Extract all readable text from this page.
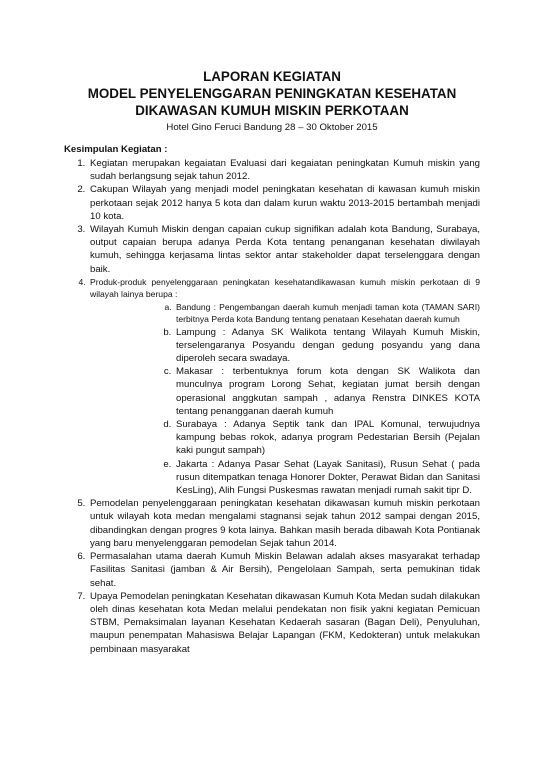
LAPORAN KEGIATAN

MODEL PENYELENGGARAN PENINGKATAN KESEHATAN

DIKAWASAN KUMUH MISKIN PERKOTAAN

Hotel Gino Feruci Bandung 28 – 30 Oktober 2015

Kesimpulan Kegiatan :

1. Kegiatan merupakan kegaiatan Evaluasi dari kegaiatan peningkatan Kumuh miskin yang sudah berlangsung sejak tahun 2012.
2. Cakupan Wilayah yang menjadi model peningkatan kesehatan di kawasan kumuh miskin perkotaan sejak 2012 hanya 5 kota dan dalam kurun waktu 2013-2015 bertambah menjadi 10 kota.
3. Wilayah Kumuh Miskin dengan capaian cukup signifikan adalah kota Bandung, Surabaya, output capaian berupa adanya Perda Kota tentang penanganan kesehatan diwilayah kumuh, sehingga kerjasama lintas sektor antar stakeholder dapat terselenggara dengan baik.
4. Produk-produk penyelenggaraan peningkatan kesehatandikawasan kumuh miskin perkotaan di 9 wilayah lainya berupa :
a. Bandung : Pengembangan daerah kumuh menjadi taman kota (TAMAN SARI) terbitnya Perda kota Bandung tentang penataan Kesehatan daerah kumuh
b. Lampung : Adanya SK Walikota tentang Wilayah Kumuh Miskin, terselengaranya Posyandu dengan gedung posyandu yang dana diperoleh secara swadaya.
c. Makasar : terbentuknya forum kota dengan SK Walikota dan munculnya program Lorong Sehat, kegiatan jumat bersih dengan operasional anggkutan sampah , adanya Renstra DINKES KOTA tentang penangganan daerah kumuh
d. Surabaya : Adanya Septik tank dan IPAL Komunal, terwujudnya kampung bebas rokok, adanya program Pedestarian Bersih (Pejalan kaki pungut sampah)
e. Jakarta : Adanya Pasar Sehat (Layak Sanitasi), Rusun Sehat ( pada rusun ditempatkan tenaga Honorer Dokter, Perawat Bidan dan Sanitasi KesLing), Alih Fungsi Puskesmas rawatan menjadi rumah sakit tipr D.
5. Pemodelan penyelenggaraan peningkatan kesehatan dikawasan kumuh miskin perkotaan untuk wilayah kota medan mengalami stagnansi sejak tahun 2012 sampai dengan 2015, dibandingkan dengan progres 9 kota lainya. Bahkan masih berada dibawah Kota Pontianak yang baru menyelenggaran pemodelan Sejak tahun 2014.
6. Permasalahan utama daerah Kumuh Miskin Belawan adalah akses masyarakat terhadap Fasilitas Sanitasi (jamban & Air Bersih), Pengelolaan Sampah, serta pemukinan tidak sehat.
7. Upaya Pemodelan peningkatan Kesehatan dikawasan Kumuh Kota Medan sudah dilakukan oleh dinas kesehatan kota Medan melalui pendekatan non fisik yakni kegiatan Pemicuan STBM, Pemaksimalan layanan Kesehatan Kedaerah sasaran (Bagan Deli), Penyuluhan, maupun penempatan Mahasiswa Belajar Lapangan (FKM, Kedokteran) untuk melakukan pembinaan masyarakat
